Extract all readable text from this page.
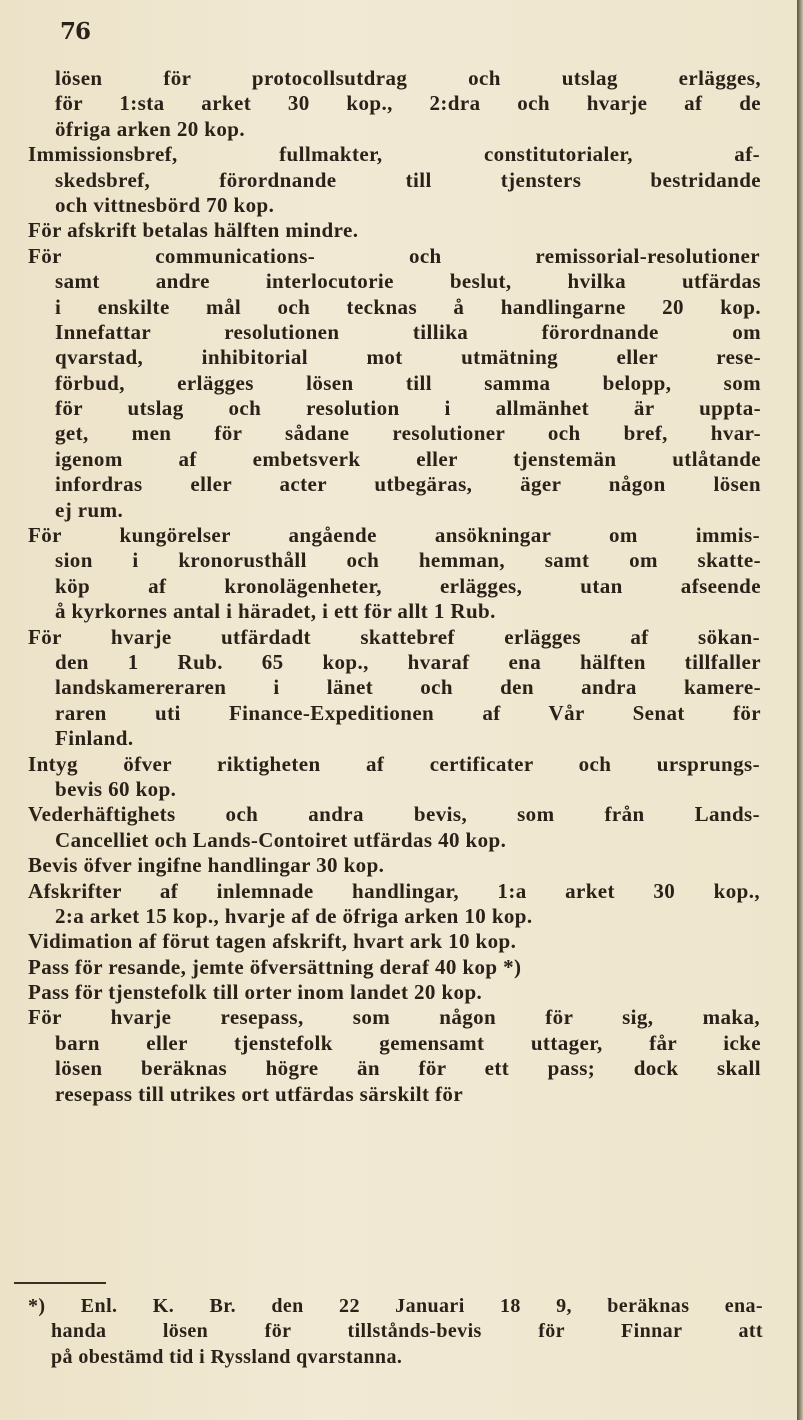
76
lösen för protocollsutdrag och utslag erlägges,
för 1:sta arket 30 kop., 2:dra och hvarje af de
öfriga arken 20 kop.
Immissionsbref, fullmakter, constitutorialer, af-
skedsbref, förordnande till tjensters bestridande
och vittnesbörd 70 kop.
För afskrift betalas hälften mindre.
För communications- och remissorial-resolutioner
samt andre interlocutorie beslut, hvilka utfärdas
i enskilte mål och tecknas å handlingarne 20 kop.
Innefattar resolutionen tillika förordnande om
qvarstad, inhibitorial mot utmätning eller rese-
förbud, erlägges lösen till samma belopp, som
för utslag och resolution i allmänhet är uppta-
get, men för sådane resolutioner och bref, hvar-
igenom af embetsverk eller tjenstemän utlåtande
infordras eller acter utbegäras, äger någon lösen
ej rum.
För kungörelser angående ansökningar om immis-
sion i kronorusthåll och hemman, samt om skatte-
köp af kronolägenheter, erlägges, utan afseende
å kyrkornes antal i häradet, i ett för allt 1 Rub.
För hvarje utfärdadt skattebref erlägges af sökan-
den 1 Rub. 65 kop., hvaraf ena hälften tillfaller
landskamereraren i länet och den andra kamere-
raren uti Finance-Expeditionen af Vår Senat för
Finland.
Intyg öfver riktigheten af certificater och ursprungs-
bevis 60 kop.
Vederhäftighets och andra bevis, som från Lands-
Cancelliet och Lands-Contoiret utfärdas 40 kop.
Bevis öfver ingifne handlingar 30 kop.
Afskrifter af inlemnade handlingar, 1:a arket 30 kop.,
2:a arket 15 kop., hvarje af de öfriga arken 10 kop.
Vidimation af förut tagen afskrift, hvart ark 10 kop.
Pass för resande, jemte öfversättning deraf 40 kop *)
Pass för tjenstefolk till orter inom landet 20 kop.
För hvarje resepass, som någon för sig, maka,
barn eller tjenstefolk gemensamt uttager, får icke
lösen beräknas högre än för ett pass; dock skall
resepass till utrikes ort utfärdas särskilt för
*) Enl. K. Br. den 22 Januari 18 9, beräknas ena-
handa lösen för tillstånds-bevis för Finnar att
på obestämd tid i Ryssland qvarstanna.
